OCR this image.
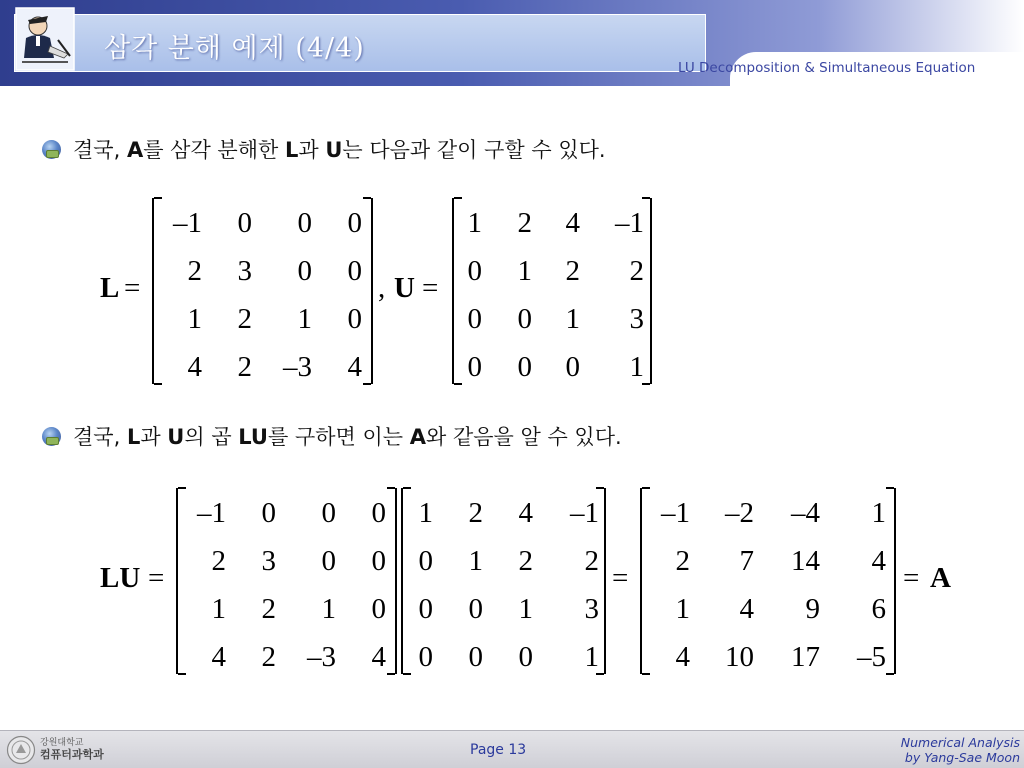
삼각 분해 예제 (4/4)
LU Decomposition & Simultaneous Equation
결국, A를 삼각 분해한 L과 U는 다음과 같이 구할 수 있다.
L =
–1 0 0 0
2 3 0 0
1 2 1 0
4 2 –3 4
, U =
1 2 4 –1
0 1 2 2
0 0 1 3
0 0 0 1
결국, L과 U의 곱 LU를 구하면 이는 A와 같음을 알 수 있다.
LU =
–1 0 0 0
2 3 0 0
1 2 1 0
4 2 –3 4
1 2 4 –1
0 1 2 2
0 0 1 3
0 0 0 1
=
–1 –2 –4 1
2 7 14 4
1 4 9 6
4 10 17 –5
= A
강원대학교
컴퓨터과학과	Page 13	Numerical Analysis
by Yang-Sae Moon
